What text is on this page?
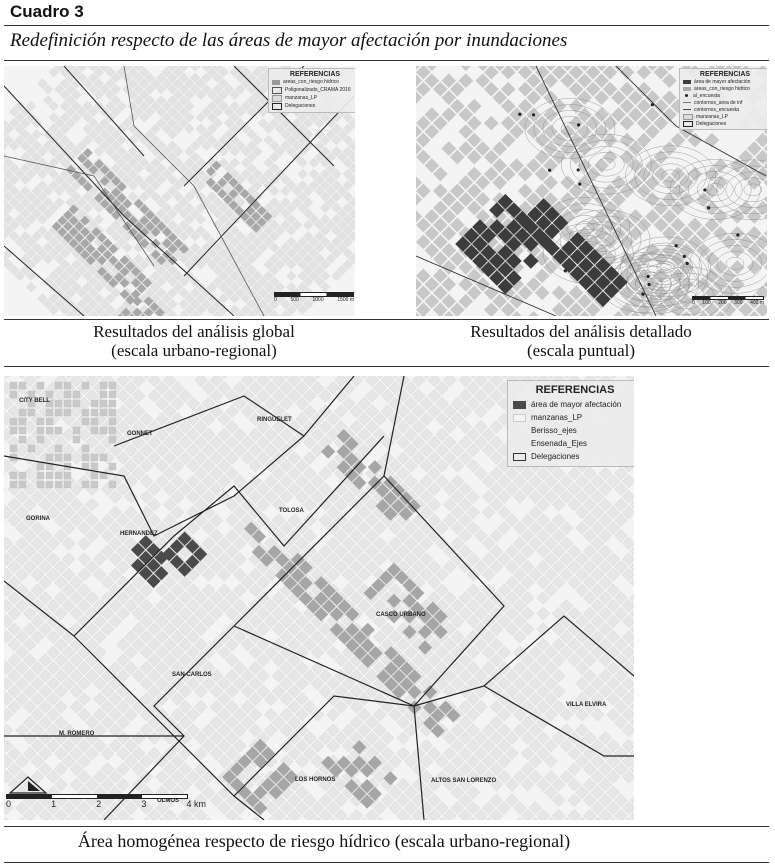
Cuadro 3
Redefinición respecto de las áreas de mayor afectación por inundaciones
REFERENCIAS
areas_con_riesgo hidrico
Poligonalizado_CRAMA 2016
manzanas_LP
Delegaciones
0	500	1000	1500 m
REFERENCIAS
área de mayor afectación
areas_con_riesgo hidrico
al_encuesta
contornos_area de inf
contornos_encuesta
manzanas_LP
Delegaciones
0 100 200 300 400 m
Resultados del análisis global
(escala urbano-regional)
Resultados del análisis detallado
(escala puntual)
REFERENCIAS
área de mayor afectación
manzanas_LP
Berisso_ejes
Ensenada_Ejes
Delegaciones
CITY BELL
GONNET
RINGUELET
GORINA
HERNANDEZ
TOLOSA
CASCO URBANO
SAN CARLOS
M. ROMERO
OLMOS
LOS HORNOS	ALTOS SAN LORENZO
VILLA ELVIRA
0	1	2	3	4 km
Área homogénea respecto de riesgo hídrico (escala urbano-regional)
